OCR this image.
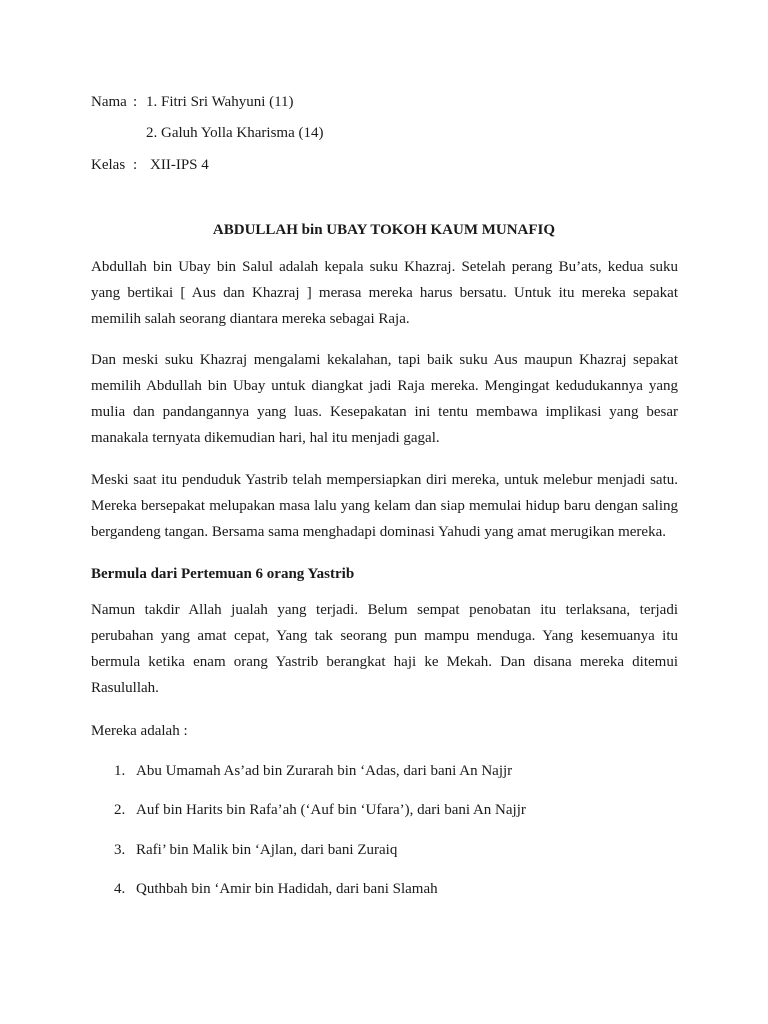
Nama : 1. Fitri Sri Wahyuni (11)
2. Galuh Yolla Kharisma (14)
Kelas : XII-IPS 4
ABDULLAH bin UBAY TOKOH KAUM MUNAFIQ
Abdullah bin Ubay bin Salul adalah kepala suku Khazraj. Setelah perang Bu’ats, kedua suku
yang bertikai [ Aus dan Khazraj ] merasa mereka harus bersatu. Untuk itu mereka sepakat
memilih salah seorang diantara mereka sebagai Raja.
Dan meski suku Khazraj mengalami kekalahan, tapi baik suku Aus maupun Khazraj sepakat
memilih Abdullah bin Ubay untuk diangkat jadi Raja mereka. Mengingat kedudukannya yang
mulia dan pandangannya yang luas. Kesepakatan ini tentu membawa implikasi yang besar
manakala ternyata dikemudian hari, hal itu menjadi gagal.
Meski saat itu penduduk Yastrib telah mempersiapkan diri mereka, untuk melebur menjadi satu.
Mereka bersepakat melupakan masa lalu yang kelam dan siap memulai hidup baru dengan saling
bergandeng tangan. Bersama sama menghadapi dominasi Yahudi yang amat merugikan mereka.
Bermula dari Pertemuan 6 orang Yastrib
Namun takdir Allah jualah yang terjadi. Belum sempat penobatan itu terlaksana, terjadi
perubahan yang amat cepat, Yang tak seorang pun mampu menduga. Yang kesemuanya itu
bermula ketika enam orang Yastrib berangkat haji ke Mekah. Dan disana mereka ditemui
Rasulullah.
Mereka adalah :
1. Abu Umamah As’ad bin Zurarah bin ‘Adas, dari bani An Najjr
2. Auf bin Harits bin Rafa’ah (‘Auf bin ‘Ufara’), dari bani An Najjr
3. Rafi’ bin Malik bin ‘Ajlan, dari bani Zuraiq
4. Quthbah bin ‘Amir bin Hadidah, dari bani Slamah
